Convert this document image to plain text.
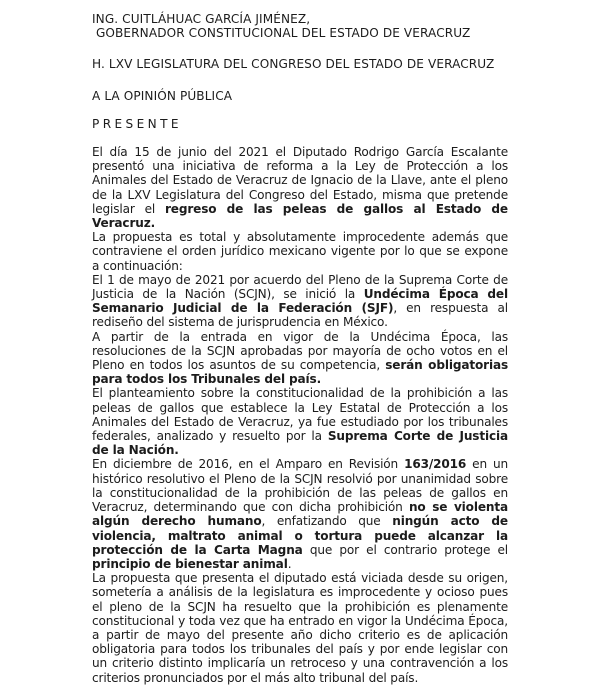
ING. CUITLÁHUAC GARCÍA JIMÉNEZ,
GOBERNADOR CONSTITUCIONAL DEL ESTADO DE VERACRUZ
H. LXV LEGISLATURA DEL CONGRESO DEL ESTADO DE VERACRUZ
A LA OPINIÓN PÚBLICA
PRESENTE

El día 15 de junio del 2021 el Diputado Rodrigo García Escalante presentó una iniciativa de reforma a la Ley de Protección a los Animales del Estado de Veracruz de Ignacio de la Llave, ante el pleno de la LXV Legislatura del Congreso del Estado, misma que pretende legislar el regreso de las peleas de gallos al Estado de Veracruz.

La propuesta es total y absolutamente improcedente además que contraviene el orden jurídico mexicano vigente por lo que se expone a continuación:

El 1 de mayo de 2021 por acuerdo del Pleno de la Suprema Corte de Justicia de la Nación (SCJN), se inició la Undécima Época del Semanario Judicial de la Federación (SJF), en respuesta al rediseño del sistema de jurisprudencia en México.

A partir de la entrada en vigor de la Undécima Época, las resoluciones de la SCJN aprobadas por mayoría de ocho votos en el Pleno en todos los asuntos de su competencia, serán obligatorias para todos los Tribunales del país.

El planteamiento sobre la constitucionalidad de la prohibición a las peleas de gallos que establece la Ley Estatal de Protección a los Animales del Estado de Veracruz, ya fue estudiado por los tribunales federales, analizado y resuelto por la Suprema Corte de Justicia de la Nación.

En diciembre de 2016, en el Amparo en Revisión 163/2016 en un histórico resolutivo el Pleno de la SCJN resolvió por unanimidad sobre la constitucionalidad de la prohibición de las peleas de gallos en Veracruz, determinando que con dicha prohibición no se violenta algún derecho humano, enfatizando que ningún acto de violencia, maltrato animal o tortura puede alcanzar la protección de la Carta Magna que por el contrario protege el principio de bienestar animal.

La propuesta que presenta el diputado está viciada desde su origen, sometería a análisis de la legislatura es improcedente y ocioso pues el pleno de la SCJN ha resuelto que la prohibición es plenamente constitucional y toda vez que ha entrado en vigor la Undécima Época, a partir de mayo del presente año dicho criterio es de aplicación obligatoria para todos los tribunales del país y por ende legislar con un criterio distinto implicaría un retroceso y una contravención a los criterios pronunciados por el más alto tribunal del país.
